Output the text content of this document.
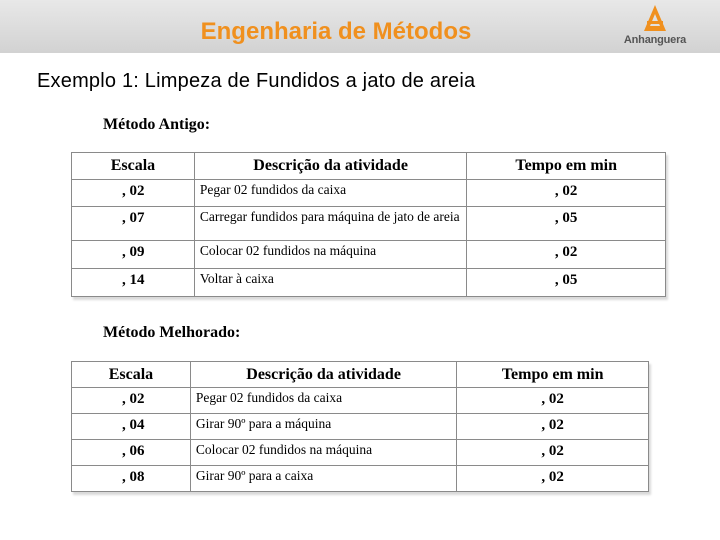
Engenharia de Métodos	Anhanguera
Exemplo 1: Limpeza de Fundidos a jato de areia
Método Antigo:
Escala	Descrição da atividade	Tempo em min
, 02	Pegar 02 fundidos da caixa	, 02
, 07	Carregar fundidos para máquina de jato de areia	, 05
, 09	Colocar 02 fundidos na máquina	, 02
, 14	Voltar à caixa	, 05
Método Melhorado:
Escala	Descrição da atividade	Tempo em min
, 02	Pegar 02 fundidos da caixa	, 02
, 04	Girar 90º para a máquina	, 02
, 06	Colocar 02 fundidos na máquina	, 02
, 08	Girar 90º para a caixa	, 02
